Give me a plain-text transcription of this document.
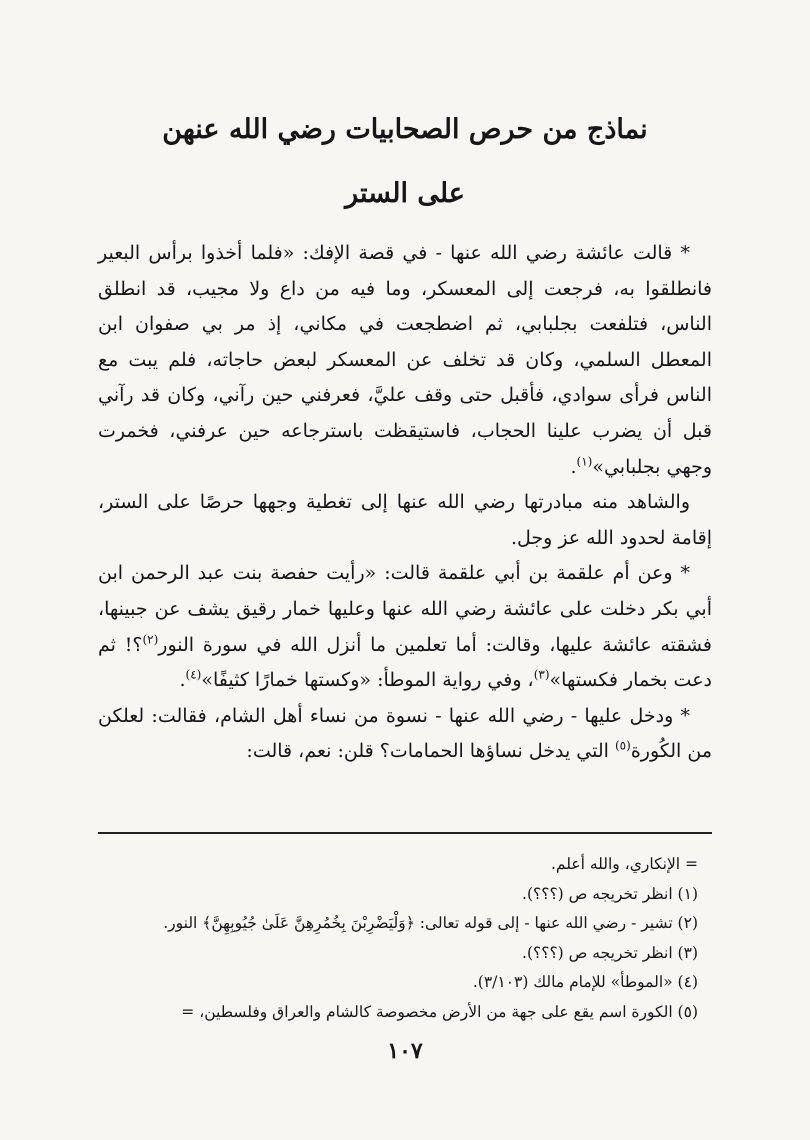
نماذج من حرص الصحابيات رضي الله عنهن
على الستر

* قالت عائشة رضي الله عنها - في قصة الإفك: «فلما أخذوا برأس البعير فانطلقوا به، فرجعت إلى المعسكر، وما فيه من داع ولا مجيب، قد انطلق الناس، فتلفعت بجلبابي، ثم اضطجعت في مكاني، إذ مر بي صفوان ابن المعطل السلمي، وكان قد تخلف عن المعسكر لبعض حاجاته، فلم يبت مع الناس فرأى سوادي، فأقبل حتى وقف عليَّ، فعرفني حين رآني، وكان قد رآني قبل أن يضرب علينا الحجاب، فاستيقظت باسترجاعه حين عرفني، فخمرت وجهي بجلبابي»$^{(١)}$.

والشاهد منه مبادرتها رضي الله عنها إلى تغطية وجهها حرصًا على الستر، إقامة لحدود الله عز وجل.

* وعن أم علقمة بن أبي علقمة قالت: «رأيت حفصة بنت عبد الرحمن ابن أبي بكر دخلت على عائشة رضي الله عنها وعليها خمار رقيق يشف عن جبينها، فشقته عائشة عليها، وقالت: أما تعلمين ما أنزل الله في سورة النور$^{(٢)}$؟! ثم دعت بخمار فكستها»$^{(٣)}$، وفي رواية الموطأ: «وكستها خمارًا كثيفًا»$^{(٤)}$.

* ودخل عليها - رضي الله عنها - نسوة من نساء أهل الشام، فقالت: لعلكن من الكُورة$^{(٥)}$ التي يدخل نساؤها الحمامات؟ قلن: نعم، قالت:

= الإنكاري، والله أعلم.
(١) انظر تخريجه ص (؟؟؟).
(٢) تشير - رضي الله عنها - إلى قوله تعالى: ﴿وَلْيَضْرِبْنَ بِخُمُرِهِنَّ عَلَىٰ جُيُوبِهِنَّ﴾ النور.
(٣) انظر تخريجه ص (؟؟؟).
(٤) «الموطأ» للإمام مالك (٣/١٠٣).
(٥) الكورة اسم يقع على جهة من الأرض مخصوصة كالشام والعراق وفلسطين، =
١٠٧
